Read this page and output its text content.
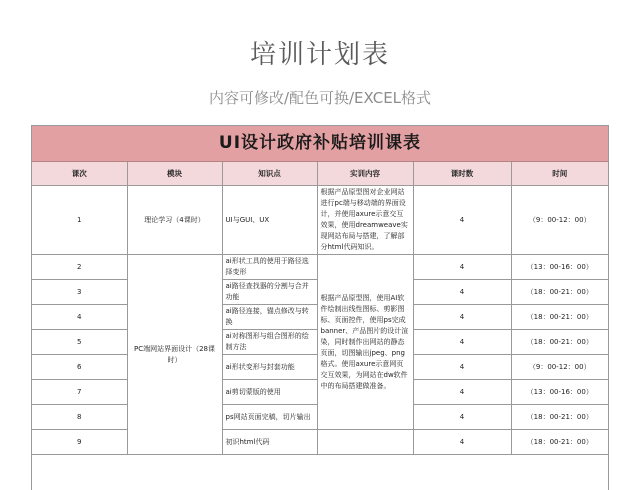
培训计划表
内容可修改/配色可换/EXCEL格式
UI设计政府补贴培训课表
课次	模块	知识点	实训内容	课时数	时间
1	理论学习（4课时）	UI与GUI、UX	根据产品原型图对企业网站进行pc端与移动端的界面设计，并使用axure示意交互效果，使用dreamweave实现网站布局与搭建，了解部分html代码知识。	4	（9：00-12：00）
2	PC端网站界面设计（28课时）	ai形状工具的使用于路径选择变形	根据产品原型图，使用AI软件绘制出线性图标、剪影图标、页面控件，使用ps完成banner、产品图片的设计渲染，同时制作出网站的静态页面，切图输出jpeg、png格式。使用axure示意网页交互效果，为网站在dw软件中的布局搭建做准备。	4	（13：00-16：00）
3		ai路径查找器的分割与合并功能		4	（18：00-21：00）
4		ai路径连接，锚点修改与转换		4	（18：00-21：00）
5		ai对称图形与组合图形的绘制方法		4	（18：00-21：00）
6		ai形状变形与封套功能		4	（9：00-12：00）
7		ai剪切蒙版的使用		4	（13：00-16：00）
8		ps网站页面完稿，切片输出		4	（18：00-21：00）
9		初识html代码		4	（18：00-21：00）
